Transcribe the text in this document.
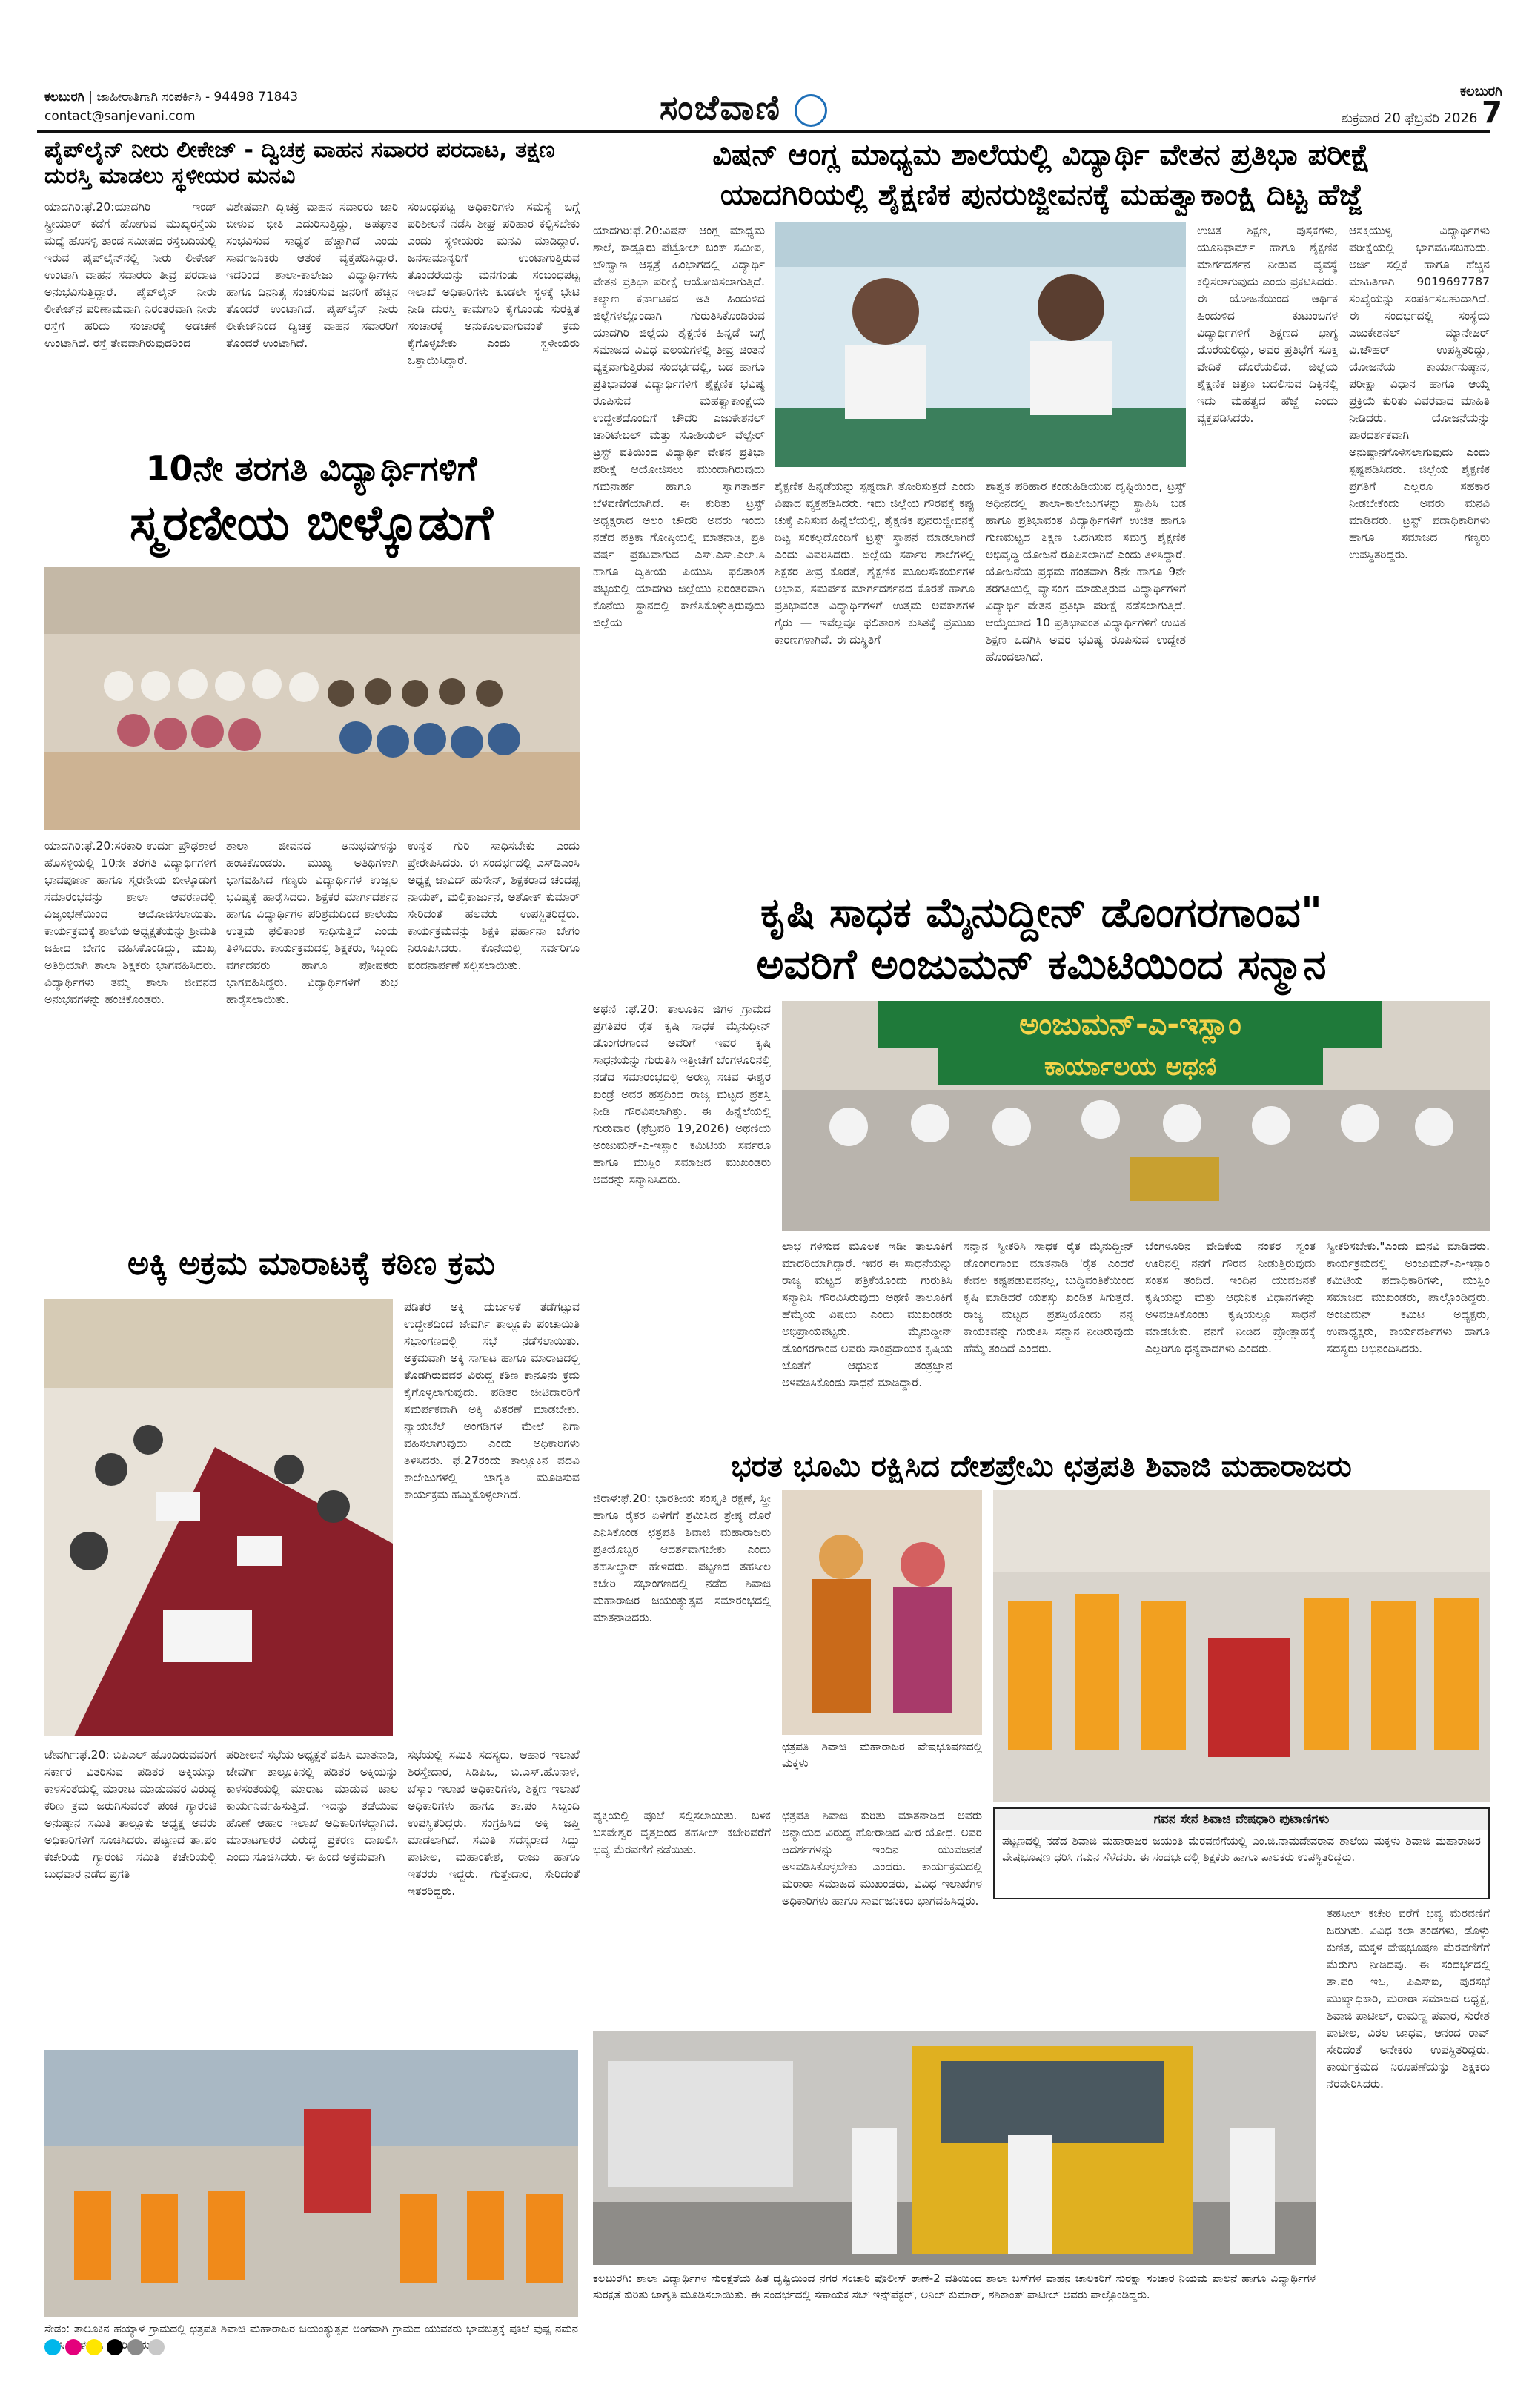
ಕಲಬುರಗಿ | ಜಾಹೀರಾತಿಗಾಗಿ ಸಂಪರ್ಕಿಸಿ - 94498 71843
contact@sanjevani.com	ಸಂಜೆವಾಣಿ	ಕಲಬುರಗಿ
ಶುಕ್ರವಾರ 20 ಫೆಬ್ರವರಿ 2026 7
ಪೈಪ್‌ಲೈನ್ ನೀರು ಲೀಕೇಜ್ - ದ್ವಿಚಕ್ರ ವಾಹನ ಸವಾರರ ಪರದಾಟ, ತಕ್ಷಣ ದುರಸ್ತಿ ಮಾಡಲು ಸ್ಥಳೀಯರ ಮನವಿ
ಯಾದಗಿರಿ:ಫೆ.20:ಯಾದಗಿರಿ ಇಂಡ್ ಸ್ಟ್ರೀಯಾರ್ ಕಡೆಗೆ ಹೋಗುವ ಮುಖ್ಯರಸ್ತೆಯ ಮಧ್ಯೆ ಹೊಸಳ್ಳಿ ತಾಂಡ ಸಮೀಪದ ರಸ್ತೆಬದಿಯಲ್ಲಿ ಇರುವ ಪೈಪ್‌ಲೈನ್‌ನಲ್ಲಿ ನೀರು ಲೀಕೇಜ್ ಉಂಟಾಗಿ ವಾಹನ ಸವಾರರು ತೀವ್ರ ಪರದಾಟ ಅನುಭವಿಸುತ್ತಿದ್ದಾರೆ. ಪೈಪ್‌ಲೈನ್ ನೀರು ಲೀಕೇಜ್‌ನ ಪರಿಣಾಮವಾಗಿ ನಿರಂತರವಾಗಿ ನೀರು ರಸ್ತೆಗೆ ಹರಿದು ಸಂಚಾರಕ್ಕೆ ಅಡಚಣೆ ಉಂಟಾಗಿದೆ. ರಸ್ತೆ ತೇವವಾಗಿರುವುದರಿಂದ
ವಿಶೇಷವಾಗಿ ದ್ವಿಚಕ್ರ ವಾಹನ ಸವಾರರು ಜಾರಿ ಬೀಳುವ ಭೀತಿ ಎದುರಿಸುತ್ತಿದ್ದು, ಅಪಘಾತ ಸಂಭವಿಸುವ ಸಾಧ್ಯತೆ ಹೆಚ್ಚಾಗಿದೆ ಎಂದು ಸಾರ್ವಜನಿಕರು ಆತಂಕ ವ್ಯಕ್ತಪಡಿಸಿದ್ದಾರೆ. ಇದರಿಂದ ಶಾಲಾ-ಕಾಲೇಜು ವಿದ್ಯಾರ್ಥಿಗಳು ಹಾಗೂ ದಿನನಿತ್ಯ ಸಂಚರಿಸುವ ಜನರಿಗೆ ಹೆಚ್ಚಿನ ತೊಂದರೆ ಉಂಟಾಗಿದೆ. ಪೈಪ್‌ಲೈನ್ ನೀರು ಲೀಕೇಜ್‌ನಿಂದ ದ್ವಿಚಕ್ರ ವಾಹನ ಸವಾರರಿಗೆ ತೊಂದರೆ ಉಂಟಾಗಿದೆ.
ಸಂಬಂಧಪಟ್ಟ ಅಧಿಕಾರಿಗಳು ಸಮಸ್ಯೆ ಬಗ್ಗೆ ಪರಿಶೀಲನೆ ನಡೆಸಿ ಶೀಘ್ರ ಪರಿಹಾರ ಕಲ್ಪಿಸಬೇಕು ಎಂದು ಸ್ಥಳೀಯರು ಮನವಿ ಮಾಡಿದ್ದಾರೆ. ಜನಸಾಮಾನ್ಯರಿಗೆ ಉಂಟಾಗುತ್ತಿರುವ ತೊಂದರೆಯನ್ನು ಮನಗಂಡು ಸಂಬಂಧಪಟ್ಟ ಇಲಾಖೆ ಅಧಿಕಾರಿಗಳು ಕೂಡಲೇ ಸ್ಥಳಕ್ಕೆ ಭೇಟಿ ನೀಡಿ ದುರಸ್ತಿ ಕಾಮಗಾರಿ ಕೈಗೊಂಡು ಸುರಕ್ಷಿತ ಸಂಚಾರಕ್ಕೆ ಅನುಕೂಲವಾಗುವಂತೆ ಕ್ರಮ ಕೈಗೊಳ್ಳಬೇಕು ಎಂದು ಸ್ಥಳೀಯರು ಒತ್ತಾಯಿಸಿದ್ದಾರೆ.
10ನೇ ತರಗತಿ ವಿದ್ಯಾರ್ಥಿಗಳಿಗೆ
ಸ್ಮರಣೀಯ ಬೀಳ್ಕೊಡುಗೆ
ಯಾದಗಿರಿ:ಫೆ.20:ಸರಕಾರಿ ಉರ್ದು ಪ್ರೌಢಶಾಲೆ ಹೊಸಳ್ಳಿಯಲ್ಲಿ 10ನೇ ತರಗತಿ ವಿದ್ಯಾರ್ಥಿಗಳಿಗೆ ಭಾವಪೂರ್ಣ ಹಾಗೂ ಸ್ಮರಣೀಯ ಬೀಳ್ಕೊಡುಗೆ ಸಮಾರಂಭವನ್ನು ಶಾಲಾ ಆವರಣದಲ್ಲಿ ವಿಜೃಂಭಣೆಯಿಂದ ಆಯೋಜಿಸಲಾಯಿತು. ಕಾರ್ಯಕ್ರಮಕ್ಕೆ ಶಾಲೆಯ ಅಧ್ಯಕ್ಷತೆಯನ್ನು ಶ್ರೀಮತಿ ಜಹೀದ ಬೇಗಂ ವಹಿಸಿಕೊಂಡಿದ್ದು, ಮುಖ್ಯ ಅತಿಥಿಯಾಗಿ ಶಾಲಾ ಶಿಕ್ಷಕರು ಭಾಗವಹಿಸಿದರು. ವಿದ್ಯಾರ್ಥಿಗಳು ತಮ್ಮ ಶಾಲಾ ಜೀವನದ ಅನುಭವಗಳನ್ನು ಹಂಚಿಕೊಂಡರು.
ಶಾಲಾ ಜೀವನದ ಅನುಭವಗಳನ್ನು ಹಂಚಿಕೊಂಡರು. ಮುಖ್ಯ ಅತಿಥಿಗಳಾಗಿ ಭಾಗವಹಿಸಿದ ಗಣ್ಯರು ವಿದ್ಯಾರ್ಥಿಗಳ ಉಜ್ವಲ ಭವಿಷ್ಯಕ್ಕೆ ಹಾರೈಸಿದರು. ಶಿಕ್ಷಕರ ಮಾರ್ಗದರ್ಶನ ಹಾಗೂ ವಿದ್ಯಾರ್ಥಿಗಳ ಪರಿಶ್ರಮದಿಂದ ಶಾಲೆಯು ಉತ್ತಮ ಫಲಿತಾಂಶ ಸಾಧಿಸುತ್ತಿದೆ ಎಂದು ತಿಳಿಸಿದರು. ಕಾರ್ಯಕ್ರಮದಲ್ಲಿ ಶಿಕ್ಷಕರು, ಸಿಬ್ಬಂದಿ ವರ್ಗದವರು ಹಾಗೂ ಪೋಷಕರು ಭಾಗವಹಿಸಿದ್ದರು. ವಿದ್ಯಾರ್ಥಿಗಳಿಗೆ ಶುಭ ಹಾರೈಸಲಾಯಿತು.
ಉನ್ನತ ಗುರಿ ಸಾಧಿಸಬೇಕು ಎಂದು ಪ್ರೇರೇಪಿಸಿದರು. ಈ ಸಂದರ್ಭದಲ್ಲಿ ಎಸ್‌ಡಿಎಂಸಿ ಅಧ್ಯಕ್ಷ ಜಾವಿದ್ ಹುಸೇನ್, ಶಿಕ್ಷಕರಾದ ಚಂದಪ್ಪ ನಾಯಕ್, ಮಲ್ಲಿಕಾರ್ಜುನ, ಅಶೋಕ್ ಕುಮಾರ್ ಸೇರಿದಂತೆ ಹಲವರು ಉಪಸ್ಥಿತರಿದ್ದರು. ಕಾರ್ಯಕ್ರಮವನ್ನು ಶಿಕ್ಷಕಿ ಫರ್ಹಾನಾ ಬೇಗಂ ನಿರೂಪಿಸಿದರು. ಕೊನೆಯಲ್ಲಿ ಸರ್ವರಿಗೂ ವಂದನಾರ್ಪಣೆ ಸಲ್ಲಿಸಲಾಯಿತು.
ಅಕ್ಕಿ ಅಕ್ರಮ ಮಾರಾಟಕ್ಕೆ ಕಠಿಣ ಕ್ರಮ
ಪಡಿತರ ಅಕ್ಕಿ ದುರ್ಬಳಕೆ ತಡೆಗಟ್ಟುವ ಉದ್ದೇಶದಿಂದ ಜೇವರ್ಗಿ ತಾಲ್ಲೂಕು ಪಂಚಾಯಿತಿ ಸಭಾಂಗಣದಲ್ಲಿ ಸಭೆ ನಡೆಸಲಾಯಿತು. ಅಕ್ರಮವಾಗಿ ಅಕ್ಕಿ ಸಾಗಾಟ ಹಾಗೂ ಮಾರಾಟದಲ್ಲಿ ತೊಡಗಿರುವವರ ವಿರುದ್ಧ ಕಠಿಣ ಕಾನೂನು ಕ್ರಮ ಕೈಗೊಳ್ಳಲಾಗುವುದು. ಪಡಿತರ ಚೀಟಿದಾರರಿಗೆ ಸಮರ್ಪಕವಾಗಿ ಅಕ್ಕಿ ವಿತರಣೆ ಮಾಡಬೇಕು. ನ್ಯಾಯಬೆಲೆ ಅಂಗಡಿಗಳ ಮೇಲೆ ನಿಗಾ ವಹಿಸಲಾಗುವುದು ಎಂದು ಅಧಿಕಾರಿಗಳು ತಿಳಿಸಿದರು. ಫೆ.27ರಂದು ತಾಲ್ಲೂಕಿನ ಪದವಿ ಕಾಲೇಜುಗಳಲ್ಲಿ ಜಾಗೃತಿ ಮೂಡಿಸುವ ಕಾರ್ಯಕ್ರಮ ಹಮ್ಮಿಕೊಳ್ಳಲಾಗಿದೆ.
ಜೇವರ್ಗಿ:ಫೆ.20: ಬಿಪಿಎಲ್ ಹೊಂದಿರುವವರಿಗೆ ಸರ್ಕಾರ ವಿತರಿಸುವ ಪಡಿತರ ಅಕ್ಕಿಯನ್ನು ಕಾಳಸಂತೆಯಲ್ಲಿ ಮಾರಾಟ ಮಾಡುವವರ ವಿರುದ್ಧ ಕಠಿಣ ಕ್ರಮ ಜರುಗಿಸುವಂತೆ ಪಂಚ ಗ್ಯಾರಂಟಿ ಅನುಷ್ಠಾನ ಸಮಿತಿ ತಾಲ್ಲೂಕು ಅಧ್ಯಕ್ಷ ಅವರು ಅಧಿಕಾರಿಗಳಿಗೆ ಸೂಚಿಸಿದರು. ಪಟ್ಟಣದ ತಾ.ಪಂ ಕಚೇರಿಯ ಗ್ಯಾರಂಟಿ ಸಮಿತಿ ಕಚೇರಿಯಲ್ಲಿ ಬುಧವಾರ ನಡೆದ ಪ್ರಗತಿ
ಪರಿಶೀಲನೆ ಸಭೆಯ ಅಧ್ಯಕ್ಷತೆ ವಹಿಸಿ ಮಾತನಾಡಿ, ಜೇವರ್ಗಿ ತಾಲ್ಲೂಕಿನಲ್ಲಿ ಪಡಿತರ ಅಕ್ಕಿಯನ್ನು ಕಾಳಸಂತೆಯಲ್ಲಿ ಮಾರಾಟ ಮಾಡುವ ಜಾಲ ಕಾರ್ಯನಿರ್ವಹಿಸುತ್ತಿದೆ. ಇದನ್ನು ತಡೆಯುವ ಹೊಣೆ ಆಹಾರ ಇಲಾಖೆ ಅಧಿಕಾರಿಗಳದ್ದಾಗಿದೆ. ಮಾರಾಟಗಾರರ ವಿರುದ್ಧ ಪ್ರಕರಣ ದಾಖಲಿಸಿ ಎಂದು ಸೂಚಿಸಿದರು. ಈ ಹಿಂದೆ ಅಕ್ರಮವಾಗಿ
ಸಭೆಯಲ್ಲಿ ಸಮಿತಿ ಸದಸ್ಯರು, ಆಹಾರ ಇಲಾಖೆ ಶಿರಸ್ತೇದಾರ, ಸಿಡಿಪಿಒ, ಬಿ.ಎಸ್.ಹೊನಾಳ, ಬೆಸ್ಕಾಂ ಇಲಾಖೆ ಅಧಿಕಾರಿಗಳು, ಶಿಕ್ಷಣ ಇಲಾಖೆ ಅಧಿಕಾರಿಗಳು ಹಾಗೂ ತಾ.ಪಂ ಸಿಬ್ಬಂದಿ ಉಪಸ್ಥಿತರಿದ್ದರು. ಸಂಗ್ರಹಿಸಿದ ಅಕ್ಕಿ ಜಪ್ತಿ ಮಾಡಲಾಗಿದೆ. ಸಮಿತಿ ಸದಸ್ಯರಾದ ಸಿದ್ದು ಪಾಟೀಲ, ಮಹಾಂತೇಶ, ರಾಜು ಹಾಗೂ ಇತರರು ಇದ್ದರು. ಗುತ್ತೇದಾರ, ಸೇರಿದಂತೆ ಇತರರಿದ್ದರು.
ಸೇಡಂ: ತಾಲೂಕಿನ ಹಯ್ಯಾಳ ಗ್ರಾಮದಲ್ಲಿ ಛತ್ರಪತಿ ಶಿವಾಜಿ ಮಹಾರಾಜರ ಜಯಂತ್ಯುತ್ಸವ ಅಂಗವಾಗಿ ಗ್ರಾಮದ ಯುವಕರು ಭಾವಚಿತ್ರಕ್ಕೆ ಪೂಜೆ ಪುಷ್ಪ ನಮನ
ವಿಷನ್ ಆಂಗ್ಲ ಮಾಧ್ಯಮ ಶಾಲೆಯಲ್ಲಿ ವಿದ್ಯಾರ್ಥಿ ವೇತನ ಪ್ರತಿಭಾ ಪರೀಕ್ಷೆ
ಯಾದಗಿರಿಯಲ್ಲಿ ಶೈಕ್ಷಣಿಕ ಪುನರುಜ್ಜೀವನಕ್ಕೆ ಮಹತ್ವಾಕಾಂಕ್ಷಿ ದಿಟ್ಟ ಹೆಜ್ಜೆ
ಯಾದಗಿರಿ:ಫೆ.20:ವಿಷನ್ ಆಂಗ್ಲ ಮಾಧ್ಯಮ ಶಾಲೆ, ಕಾಡ್ಲೂರು ಪೆಟ್ರೋಲ್ ಬಂಕ್ ಸಮೀಪ, ಚೌಹ್ವಾಣ ಆಸ್ಪತ್ರೆ ಹಿಂಭಾಗದಲ್ಲಿ ವಿದ್ಯಾರ್ಥಿ ವೇತನ ಪ್ರತಿಭಾ ಪರೀಕ್ಷೆ ಆಯೋಜಿಸಲಾಗುತ್ತಿದೆ. ಕಲ್ಯಾಣ ಕರ್ನಾಟಕದ ಅತಿ ಹಿಂದುಳಿದ ಜಿಲ್ಲೆಗಳಲ್ಲೊಂದಾಗಿ ಗುರುತಿಸಿಕೊಂಡಿರುವ ಯಾದಗಿರಿ ಜಿಲ್ಲೆಯ ಶೈಕ್ಷಣಿಕ ಹಿನ್ನಡೆ ಬಗ್ಗೆ ಸಮಾಜದ ವಿವಿಧ ವಲಯಗಳಲ್ಲಿ ತೀವ್ರ ಚಿಂತನೆ ವ್ಯಕ್ತವಾಗುತ್ತಿರುವ ಸಂದರ್ಭದಲ್ಲಿ, ಬಡ ಹಾಗೂ ಪ್ರತಿಭಾವಂತ ವಿದ್ಯಾರ್ಥಿಗಳಿಗೆ ಶೈಕ್ಷಣಿಕ ಭವಿಷ್ಯ ರೂಪಿಸುವ ಮಹತ್ವಾಕಾಂಕ್ಷೆಯ ಉದ್ದೇಶದೊಂದಿಗೆ ಚೌದರಿ ಎಜುಕೇಶನಲ್ ಚಾರಿಟೇಬಲ್ ಮತ್ತು ಸೋಶಿಯಲ್ ವೆಲ್ಫೇರ್ ಟ್ರಸ್ಟ್ ವತಿಯಿಂದ ವಿದ್ಯಾರ್ಥಿ ವೇತನ ಪ್ರತಿಭಾ ಪರೀಕ್ಷೆ ಆಯೋಜಿಸಲು ಮುಂದಾಗಿರುವುದು ಗಮನಾರ್ಹ ಹಾಗೂ ಸ್ವಾಗತಾರ್ಹ ಬೆಳವಣಿಗೆಯಾಗಿದೆ. ಈ ಕುರಿತು ಟ್ರಸ್ಟ್ ಅಧ್ಯಕ್ಷರಾದ ಅಲಂ ಚೌದರಿ ಅವರು ಇಂದು ನಡೆದ ಪತ್ರಿಕಾ ಗೋಷ್ಠಿಯಲ್ಲಿ ಮಾತನಾಡಿ, ಪ್ರತಿ ವರ್ಷ ಪ್ರಕಟವಾಗುವ ಎಸ್.ಎಸ್.ಎಲ್.ಸಿ ಹಾಗೂ ದ್ವಿತೀಯ ಪಿಯುಸಿ ಫಲಿತಾಂಶ ಪಟ್ಟಿಯಲ್ಲಿ ಯಾದಗಿರಿ ಜಿಲ್ಲೆಯು ನಿರಂತರವಾಗಿ ಕೊನೆಯ ಸ್ಥಾನದಲ್ಲಿ ಕಾಣಿಸಿಕೊಳ್ಳುತ್ತಿರುವುದು ಜಿಲ್ಲೆಯ
ಶೈಕ್ಷಣಿಕ ಹಿನ್ನಡೆಯನ್ನು ಸ್ಪಷ್ಟವಾಗಿ ತೋರಿಸುತ್ತದೆ ಎಂದು ವಿಷಾದ ವ್ಯಕ್ತಪಡಿಸಿದರು. ಇದು ಜಿಲ್ಲೆಯ ಗೌರವಕ್ಕೆ ಕಪ್ಪು ಚುಕ್ಕೆ ಎನಿಸುವ ಹಿನ್ನೆಲೆಯಲ್ಲಿ, ಶೈಕ್ಷಣಿಕ ಪುನರುಜ್ಜೀವನಕ್ಕೆ ದಿಟ್ಟ ಸಂಕಲ್ಪದೊಂದಿಗೆ ಟ್ರಸ್ಟ್ ಸ್ಥಾಪನೆ ಮಾಡಲಾಗಿದೆ ಎಂದು ವಿವರಿಸಿದರು. ಜಿಲ್ಲೆಯ ಸರ್ಕಾರಿ ಶಾಲೆಗಳಲ್ಲಿ ಶಿಕ್ಷಕರ ತೀವ್ರ ಕೊರತೆ, ಶೈಕ್ಷಣಿಕ ಮೂಲಸೌಕರ್ಯಗಳ ಅಭಾವ, ಸಮರ್ಪಕ ಮಾರ್ಗದರ್ಶನದ ಕೊರತೆ ಹಾಗೂ ಪ್ರತಿಭಾವಂತ ವಿದ್ಯಾರ್ಥಿಗಳಿಗೆ ಉತ್ತಮ ಅವಕಾಶಗಳ ಗೈರು — ಇವೆಲ್ಲವೂ ಫಲಿತಾಂಶ ಕುಸಿತಕ್ಕೆ ಪ್ರಮುಖ ಕಾರಣಗಳಾಗಿವೆ. ಈ ದುಸ್ಥಿತಿಗೆ
ಶಾಶ್ವತ ಪರಿಹಾರ ಕಂಡುಹಿಡಿಯುವ ದೃಷ್ಟಿಯಿಂದ, ಟ್ರಸ್ಟ್ ಅಧೀನದಲ್ಲಿ ಶಾಲಾ-ಕಾಲೇಜುಗಳನ್ನು ಸ್ಥಾಪಿಸಿ ಬಡ ಹಾಗೂ ಪ್ರತಿಭಾವಂತ ವಿದ್ಯಾರ್ಥಿಗಳಿಗೆ ಉಚಿತ ಹಾಗೂ ಗುಣಮಟ್ಟದ ಶಿಕ್ಷಣ ಒದಗಿಸುವ ಸಮಗ್ರ ಶೈಕ್ಷಣಿಕ ಅಭಿವೃದ್ಧಿ ಯೋಜನೆ ರೂಪಿಸಲಾಗಿದೆ ಎಂದು ತಿಳಿಸಿದ್ದಾರೆ. ಯೋಜನೆಯ ಪ್ರಥಮ ಹಂತವಾಗಿ 8ನೇ ಹಾಗೂ 9ನೇ ತರಗತಿಯಲ್ಲಿ ವ್ಯಾಸಂಗ ಮಾಡುತ್ತಿರುವ ವಿದ್ಯಾರ್ಥಿಗಳಿಗೆ ವಿದ್ಯಾರ್ಥಿ ವೇತನ ಪ್ರತಿಭಾ ಪರೀಕ್ಷೆ ನಡೆಸಲಾಗುತ್ತಿದೆ. ಆಯ್ಕೆಯಾದ 10 ಪ್ರತಿಭಾವಂತ ವಿದ್ಯಾರ್ಥಿಗಳಿಗೆ ಉಚಿತ ಶಿಕ್ಷಣ ಒದಗಿಸಿ ಅವರ ಭವಿಷ್ಯ ರೂಪಿಸುವ ಉದ್ದೇಶ ಹೊಂದಲಾಗಿದೆ.
ಉಚಿತ ಶಿಕ್ಷಣ, ಪುಸ್ತಕಗಳು, ಯೂನಿಫಾರ್ಮ್ ಹಾಗೂ ಶೈಕ್ಷಣಿಕ ಮಾರ್ಗದರ್ಶನ ನೀಡುವ ವ್ಯವಸ್ಥೆ ಕಲ್ಪಿಸಲಾಗುವುದು ಎಂದು ಪ್ರಕಟಿಸಿದರು. ಈ ಯೋಜನೆಯಿಂದ ಆರ್ಥಿಕ ಹಿಂದುಳಿದ ಕುಟುಂಬಗಳ ವಿದ್ಯಾರ್ಥಿಗಳಿಗೆ ಶಿಕ್ಷಣದ ಭಾಗ್ಯ ದೊರೆಯಲಿದ್ದು, ಅವರ ಪ್ರತಿಭೆಗೆ ಸೂಕ್ತ ವೇದಿಕೆ ದೊರೆಯಲಿದೆ. ಜಿಲ್ಲೆಯ ಶೈಕ್ಷಣಿಕ ಚಿತ್ರಣ ಬದಲಿಸುವ ದಿಕ್ಕಿನಲ್ಲಿ ಇದು ಮಹತ್ವದ ಹೆಜ್ಜೆ ಎಂದು ವ್ಯಕ್ತಪಡಿಸಿದರು.
ಆಸಕ್ತಿಯುಳ್ಳ ವಿದ್ಯಾರ್ಥಿಗಳು ಪರೀಕ್ಷೆಯಲ್ಲಿ ಭಾಗವಹಿಸಬಹುದು. ಅರ್ಜಿ ಸಲ್ಲಿಕೆ ಹಾಗೂ ಹೆಚ್ಚಿನ ಮಾಹಿತಿಗಾಗಿ 9019697787 ಸಂಖ್ಯೆಯನ್ನು ಸಂಪರ್ಕಿಸಬಹುದಾಗಿದೆ. ಈ ಸಂದರ್ಭದಲ್ಲಿ ಸಂಸ್ಥೆಯ ಎಜುಕೇಶನಲ್ ಮ್ಯಾನೇಜರ್ ವಿ.ಜೌಹರ್ ಉಪಸ್ಥಿತರಿದ್ದು, ಯೋಜನೆಯ ಕಾರ್ಯಾನುಷ್ಠಾನ, ಪರೀಕ್ಷಾ ವಿಧಾನ ಹಾಗೂ ಆಯ್ಕೆ ಪ್ರಕ್ರಿಯೆ ಕುರಿತು ವಿವರವಾದ ಮಾಹಿತಿ ನೀಡಿದರು. ಯೋಜನೆಯನ್ನು ಪಾರದರ್ಶಕವಾಗಿ ಅನುಷ್ಠಾನಗೊಳಿಸಲಾಗುವುದು ಎಂದು ಸ್ಪಷ್ಟಪಡಿಸಿದರು. ಜಿಲ್ಲೆಯ ಶೈಕ್ಷಣಿಕ ಪ್ರಗತಿಗೆ ಎಲ್ಲರೂ ಸಹಕಾರ ನೀಡಬೇಕೆಂದು ಅವರು ಮನವಿ ಮಾಡಿದರು. ಟ್ರಸ್ಟ್ ಪದಾಧಿಕಾರಿಗಳು ಹಾಗೂ ಸಮಾಜದ ಗಣ್ಯರು ಉಪಸ್ಥಿತರಿದ್ದರು.
ಕೃಷಿ ಸಾಧಕ ಮೈನುದ್ದೀನ್ ಡೊಂಗರಗಾಂವ"
ಅವರಿಗೆ ಅಂಜುಮನ್ ಕಮಿಟಿಯಿಂದ ಸನ್ಮಾನ
ಅಥಣಿ :ಫೆ.20: ತಾಲೂಕಿನ ಜಿಗಳ ಗ್ರಾಮದ ಪ್ರಗತಿಪರ ರೈತ ಕೃಷಿ ಸಾಧಕ ಮೈನುದ್ದೀನ್ ಡೊಂಗರಗಾಂವ ಅವರಿಗೆ ಇವರ ಕೃಷಿ ಸಾಧನೆಯನ್ನು ಗುರುತಿಸಿ ಇತ್ತೀಚೆಗೆ ಬೆಂಗಳೂರಿನಲ್ಲಿ ನಡೆದ ಸಮಾರಂಭದಲ್ಲಿ ಅರಣ್ಯ ಸಚಿವ ಈಶ್ವರ ಖಂಡ್ರೆ ಅವರ ಹಸ್ತದಿಂದ ರಾಜ್ಯ ಮಟ್ಟದ ಪ್ರಶಸ್ತಿ ನೀಡಿ ಗೌರವಿಸಲಾಗಿತ್ತು. ಈ ಹಿನ್ನೆಲೆಯಲ್ಲಿ ಗುರುವಾರ (ಫೆಬ್ರವರಿ 19,2026) ಅಥಣಿಯ ಅಂಜುಮನ್-ಎ-ಇಸ್ಲಾಂ ಕಮಿಟಿಯ ಸರ್ವರೂ ಹಾಗೂ ಮುಸ್ಲಿಂ ಸಮಾಜದ ಮುಖಂಡರು ಅವರನ್ನು ಸನ್ಮಾನಿಸಿದರು.
ಅಂಜುಮನ್-ಎ-ಇಸ್ಲಾಂ
ಕಾರ್ಯಾಲಯ ಅಥಣಿ
ಲಾಭ ಗಳಿಸುವ ಮೂಲಕ ಇಡೀ ತಾಲೂಕಿಗೆ ಮಾದರಿಯಾಗಿದ್ದಾರೆ. ಇವರ ಈ ಸಾಧನೆಯನ್ನು ರಾಜ್ಯ ಮಟ್ಟದ ಪತ್ರಿಕೆಯೊಂದು ಗುರುತಿಸಿ ಸನ್ಮಾನಿಸಿ ಗೌರವಿಸಿರುವುದು ಅಥಣಿ ತಾಲೂಕಿಗೆ ಹೆಮ್ಮೆಯ ವಿಷಯ ಎಂದು ಮುಖಂಡರು ಅಭಿಪ್ರಾಯಪಟ್ಟರು. ಮೈನುದ್ದೀನ್ ಡೊಂಗರಗಾಂವ ಅವರು ಸಾಂಪ್ರದಾಯಿಕ ಕೃಷಿಯ ಜೊತೆಗೆ ಆಧುನಿಕ ತಂತ್ರಜ್ಞಾನ ಅಳವಡಿಸಿಕೊಂಡು ಸಾಧನೆ ಮಾಡಿದ್ದಾರೆ.
ಸನ್ಮಾನ ಸ್ವೀಕರಿಸಿ ಸಾಧಕ ರೈತ ಮೈನುದ್ದೀನ್ ಡೊಂಗರಗಾಂವ ಮಾತನಾಡಿ 'ರೈತ ಎಂದರೆ ಕೇವಲ ಕಷ್ಟಪಡುವವನಲ್ಲ, ಬುದ್ಧಿವಂತಿಕೆಯಿಂದ ಕೃಷಿ ಮಾಡಿದರೆ ಯಶಸ್ಸು ಖಂಡಿತ ಸಿಗುತ್ತದೆ. ರಾಜ್ಯ ಮಟ್ಟದ ಪ್ರಶಸ್ತಿಯೊಂದು ನನ್ನ ಕಾಯಕವನ್ನು ಗುರುತಿಸಿ ಸನ್ಮಾನ ನೀಡಿರುವುದು ಹೆಮ್ಮೆ ತಂದಿದೆ ಎಂದರು.
ಬೆಂಗಳೂರಿನ ವೇದಿಕೆಯ ನಂತರ ಸ್ವಂತ ಊರಿನಲ್ಲಿ ನನಗೆ ಗೌರವ ನೀಡುತ್ತಿರುವುದು ಸಂತಸ ತಂದಿದೆ. ಇಂದಿನ ಯುವಜನತೆ ಕೃಷಿಯನ್ನು ಮತ್ತು ಆಧುನಿಕ ವಿಧಾನಗಳನ್ನು ಅಳವಡಿಸಿಕೊಂಡು ಕೃಷಿಯಲ್ಲೂ ಸಾಧನೆ ಮಾಡಬೇಕು. ನನಗೆ ನೀಡಿದ ಪ್ರೋತ್ಸಾಹಕ್ಕೆ ಎಲ್ಲರಿಗೂ ಧನ್ಯವಾದಗಳು ಎಂದರು.
ಸ್ವೀಕರಿಸಬೇಕು."ಎಂದು ಮನವಿ ಮಾಡಿದರು. ಕಾರ್ಯಕ್ರಮದಲ್ಲಿ ಅಂಜುಮನ್-ಎ-ಇಸ್ಲಾಂ ಕಮಿಟಿಯ ಪದಾಧಿಕಾರಿಗಳು, ಮುಸ್ಲಿಂ ಸಮಾಜದ ಮುಖಂಡರು, ಪಾಲ್ಗೊಂಡಿದ್ದರು. ಅಂಜುಮನ್ ಕಮಿಟಿ ಅಧ್ಯಕ್ಷರು, ಉಪಾಧ್ಯಕ್ಷರು, ಕಾರ್ಯದರ್ಶಿಗಳು ಹಾಗೂ ಸದಸ್ಯರು ಅಭಿನಂದಿಸಿದರು.
ಭರತ ಭೂಮಿ ರಕ್ಷಿಸಿದ ದೇಶಪ್ರೇಮಿ ಛತ್ರಪತಿ ಶಿವಾಜಿ ಮಹಾರಾಜರು
ಜಿರಾಳ:ಫೆ.20: ಭಾರತೀಯ ಸಂಸ್ಕೃತಿ ರಕ್ಷಣೆ, ಸ್ತ್ರೀ ಹಾಗೂ ರೈತರ ಏಳಿಗೆಗೆ ಶ್ರಮಿಸಿದ ಶ್ರೇಷ್ಠ ದೊರೆ ಎನಿಸಿಕೊಂಡ ಛತ್ರಪತಿ ಶಿವಾಜಿ ಮಹಾರಾಜರು ಪ್ರತಿಯೊಬ್ಬರ ಆದರ್ಶವಾಗಬೇಕು ಎಂದು ತಹಸೀಲ್ದಾರ್ ಹೇಳಿದರು. ಪಟ್ಟಣದ ತಹಸೀಲ ಕಚೇರಿ ಸಭಾಂಗಣದಲ್ಲಿ ನಡೆದ ಶಿವಾಜಿ ಮಹಾರಾಜರ ಜಯಂತ್ಯುತ್ಸವ ಸಮಾರಂಭದಲ್ಲಿ ಮಾತನಾಡಿದರು.
ಛತ್ರಪತಿ ಶಿವಾಜಿ ಮಹಾರಾಜರ ವೇಷಭೂಷಣದಲ್ಲಿ ಮಕ್ಕಳು
ಗವನ ಸೇನೆ ಶಿವಾಜಿ ವೇಷಧಾರಿ ಪುಟಾಣಿಗಳು
ಪಟ್ಟಣದಲ್ಲಿ ನಡೆದ ಶಿವಾಜಿ ಮಹಾರಾಜರ ಜಯಂತಿ ಮೆರವಣಿಗೆಯಲ್ಲಿ ಎಂ.ಜಿ.ನಾಮದೇವರಾವ ಶಾಲೆಯ ಮಕ್ಕಳು ಶಿವಾಜಿ ಮಹಾರಾಜರ ವೇಷಭೂಷಣ ಧರಿಸಿ ಗಮನ ಸೆಳೆದರು. ಈ ಸಂದರ್ಭದಲ್ಲಿ ಶಿಕ್ಷಕರು ಹಾಗೂ ಪಾಲಕರು ಉಪಸ್ಥಿತರಿದ್ದರು.
ಛತ್ರಪತಿ ಶಿವಾಜಿ ಕುರಿತು ಮಾತನಾಡಿದ ಅವರು ಅನ್ಯಾಯದ ವಿರುದ್ಧ ಹೋರಾಡಿದ ವೀರ ಯೋಧ. ಅವರ ಆದರ್ಶಗಳನ್ನು ಇಂದಿನ ಯುವಜನತೆ ಅಳವಡಿಸಿಕೊಳ್ಳಬೇಕು ಎಂದರು. ಕಾರ್ಯಕ್ರಮದಲ್ಲಿ ಮರಾಠಾ ಸಮಾಜದ ಮುಖಂಡರು, ವಿವಿಧ ಇಲಾಖೆಗಳ ಅಧಿಕಾರಿಗಳು ಹಾಗೂ ಸಾರ್ವಜನಿಕರು ಭಾಗವಹಿಸಿದ್ದರು.
ವ್ಯಕ್ತಿಯಲ್ಲಿ ಪೂಜೆ ಸಲ್ಲಿಸಲಾಯಿತು. ಬಳಿಕ ಬಸವೇಶ್ವರ ವೃತ್ತದಿಂದ ತಹಸೀಲ್ ಕಚೇರಿವರೆಗೆ ಭವ್ಯ ಮೆರವಣಿಗೆ ನಡೆಯಿತು.
ತಹಸೀಲ್ ಕಚೇರಿ ವರೆಗೆ ಭವ್ಯ ಮೆರವಣಿಗೆ ಜರುಗಿತು. ವಿವಿಧ ಕಲಾ ತಂಡಗಳು, ಡೊಳ್ಳು ಕುಣಿತ, ಮಕ್ಕಳ ವೇಷಭೂಷಣ ಮೆರವಣಿಗೆಗೆ ಮೆರುಗು ನೀಡಿದವು. ಈ ಸಂದರ್ಭದಲ್ಲಿ ತಾ.ಪಂ ಇಒ, ಪಿಎಸ್‌ಐ, ಪುರಸಭೆ ಮುಖ್ಯಾಧಿಕಾರಿ, ಮರಾಠಾ ಸಮಾಜದ ಅಧ್ಯಕ್ಷ, ಶಿವಾಜಿ ಪಾಟೀಲ್, ರಾಮಣ್ಣ ಪವಾರ, ಸುರೇಶ ಪಾಟೀಲ, ವಿಠಲ ಜಾಧವ, ಆನಂದ ರಾವ್ ಸೇರಿದಂತೆ ಅನೇಕರು ಉಪಸ್ಥಿತರಿದ್ದರು. ಕಾರ್ಯಕ್ರಮದ ನಿರೂಪಣೆಯನ್ನು ಶಿಕ್ಷಕರು ನೆರವೇರಿಸಿದರು.
ಕಲಬುರಗಿ: ಶಾಲಾ ವಿದ್ಯಾರ್ಥಿಗಳ ಸುರಕ್ಷತೆಯ ಹಿತ ದೃಷ್ಟಿಯಿಂದ ನಗರ ಸಂಚಾರಿ ಪೊಲೀಸ್ ಠಾಣೆ-2 ವತಿಯಿಂದ ಶಾಲಾ ಬಸ್‌ಗಳ ವಾಹನ ಚಾಲಕರಿಗೆ ಸುರಕ್ಷಾ ಸಂಚಾರ ನಿಯಮ ಪಾಲನೆ ಹಾಗೂ ವಿದ್ಯಾರ್ಥಿಗಳ ಸುರಕ್ಷತೆ ಕುರಿತು ಜಾಗೃತಿ ಮೂಡಿಸಲಾಯಿತು. ಈ ಸಂದರ್ಭದಲ್ಲಿ ಸಹಾಯಕ ಸಬ್ ಇನ್ಸ್‌ಪೆಕ್ಟರ್, ಅನಿಲ್ ಕುಮಾರ್, ಶಶಿಕಾಂತ್ ಪಾಟೀಲ್ ಅವರು ಪಾಲ್ಗೊಂಡಿದ್ದರು.
